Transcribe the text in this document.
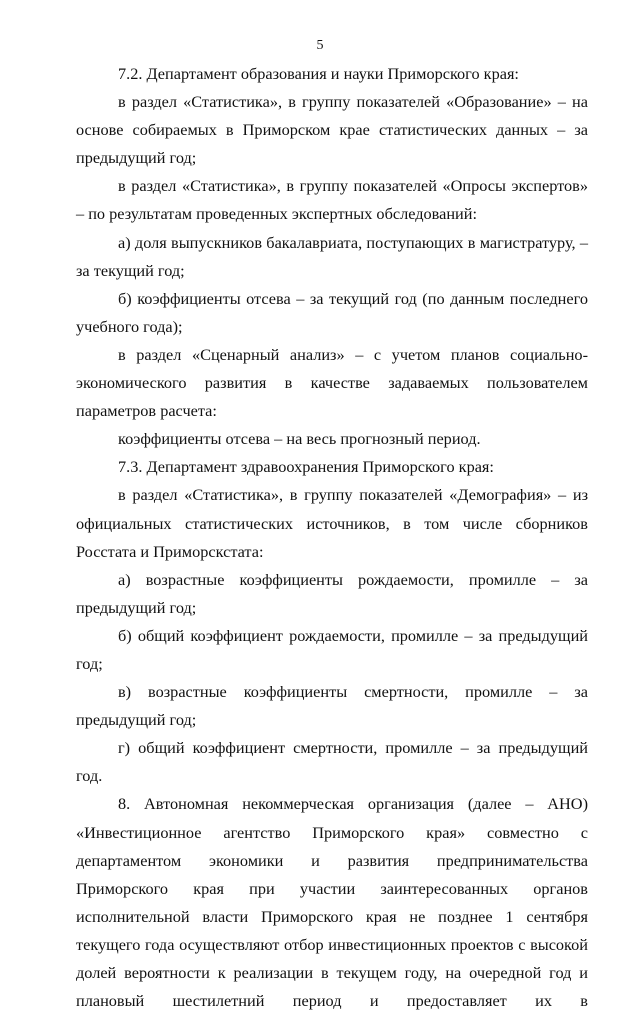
5

7.2. Департамент образования и науки Приморского края:

в раздел «Статистика», в группу показателей «Образование» – на основе собираемых в Приморском крае статистических данных – за предыдущий год;

в раздел «Статистика», в группу показателей «Опросы экспертов» – по результатам проведенных экспертных обследований:

а) доля выпускников бакалавриата, поступающих в магистратуру, – за текущий год;

б) коэффициенты отсева – за текущий год (по данным последнего учебного года);

в раздел «Сценарный анализ» – с учетом планов социально-экономического развития в качестве задаваемых пользователем параметров расчета:

коэффициенты отсева – на весь прогнозный период.

7.3. Департамент здравоохранения Приморского края:

в раздел «Статистика», в группу показателей «Демография» – из официальных статистических источников, в том числе сборников Росстата и Приморскстата:

а) возрастные коэффициенты рождаемости, промилле – за предыдущий год;

б) общий коэффициент рождаемости, промилле – за предыдущий год;

в) возрастные коэффициенты смертности, промилле – за предыдущий год;

г) общий коэффициент смертности, промилле – за предыдущий год.

8. Автономная некоммерческая организация (далее – АНО) «Инвестиционное агентство Приморского края» совместно с департаментом экономики и развития предпринимательства Приморского края при участии заинтересованных органов исполнительной власти Приморского края не позднее 1 сентября текущего года осуществляют отбор инвестиционных проектов с высокой долей вероятности к реализации в текущем году, на очередной год и плановый шестилетний период и предоставляет их в
